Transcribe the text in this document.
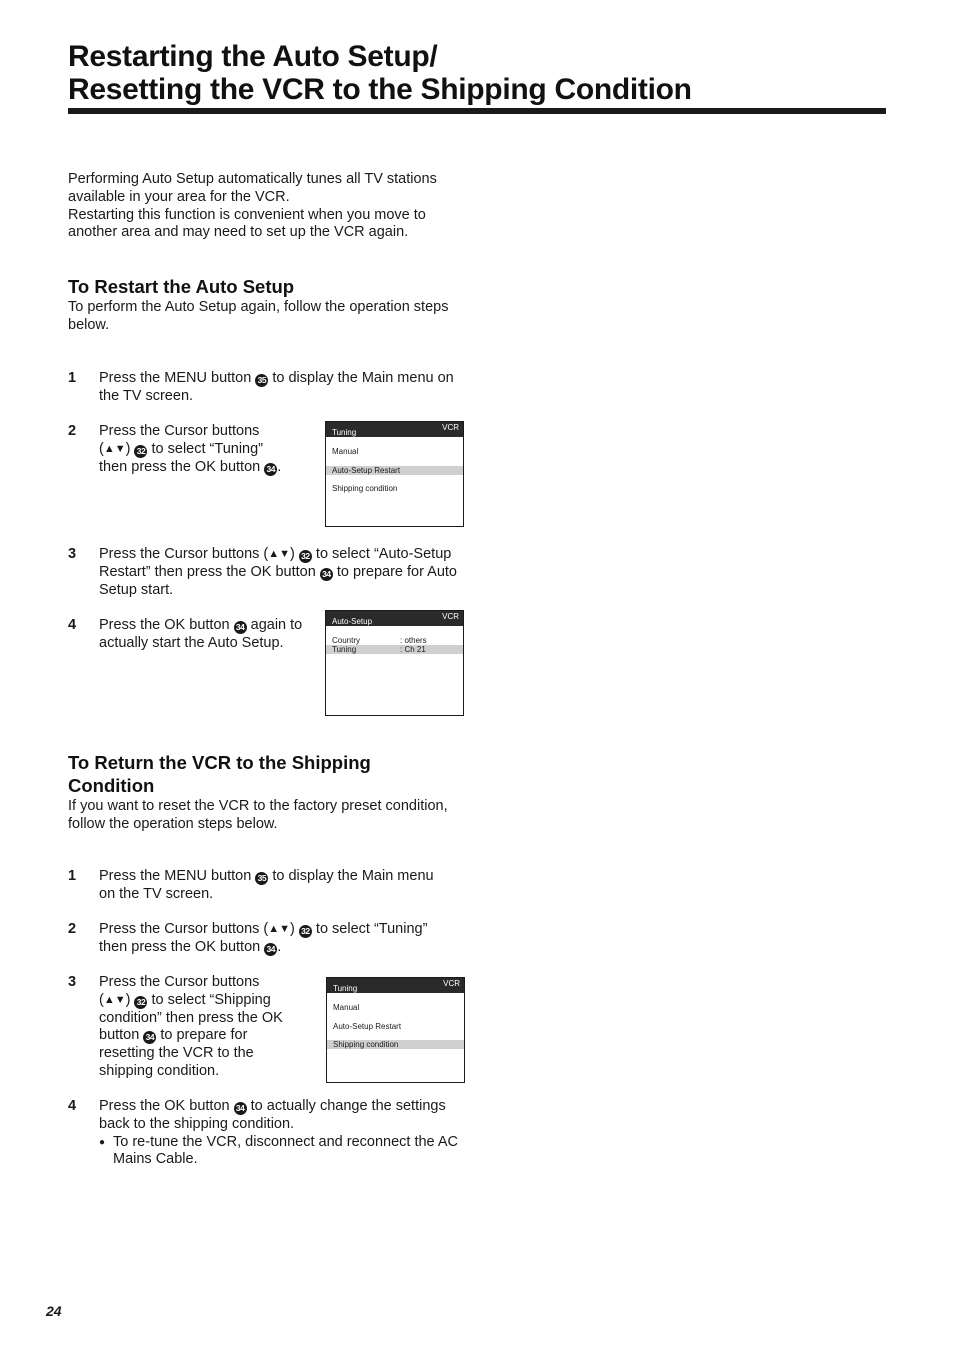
Restarting the Auto Setup/
Resetting the VCR to the Shipping Condition
Performing Auto Setup automatically tunes all TV stations
available in your area for the VCR.
Restarting this function is convenient when you move to
another area and may need to set up the VCR again.
To Restart the Auto Setup
To perform the Auto Setup again, follow the operation steps
below.
1 Press the MENU button 35 to display the Main menu on
the TV screen.
2 Press the Cursor buttons
(▲▼) 32 to select “Tuning”
then press the OK button 34 .
Tuning
VCR
Manual
Auto-Setup Restart
Shipping condition
3 Press the Cursor buttons (▲▼) 32 to select “Auto-Setup
Restart” then press the OK button 34 to prepare for Auto
Setup start.
4 Press the OK button 34 again to
actually start the Auto Setup.
Auto-Setup
VCR
Country	: others
Tuning	: Ch 21
To Return the VCR to the Shipping
Condition
If you want to reset the VCR to the factory preset condition,
follow the operation steps below.
1 Press the MENU button 35 to display the Main menu
on the TV screen.
2 Press the Cursor buttons (▲▼) 32 to select “Tuning”
then press the OK button 34 .
3 Press the Cursor buttons
(▲▼) 32 to select “Shipping
condition” then press the OK
button 34 to prepare for
resetting the VCR to the
shipping condition.
Tuning
VCR
Manual
Auto-Setup Restart
Shipping condition
4 Press the OK button 34 to actually change the settings
back to the shipping condition.
● To re-tune the VCR, disconnect and reconnect the AC
Mains Cable.
24
